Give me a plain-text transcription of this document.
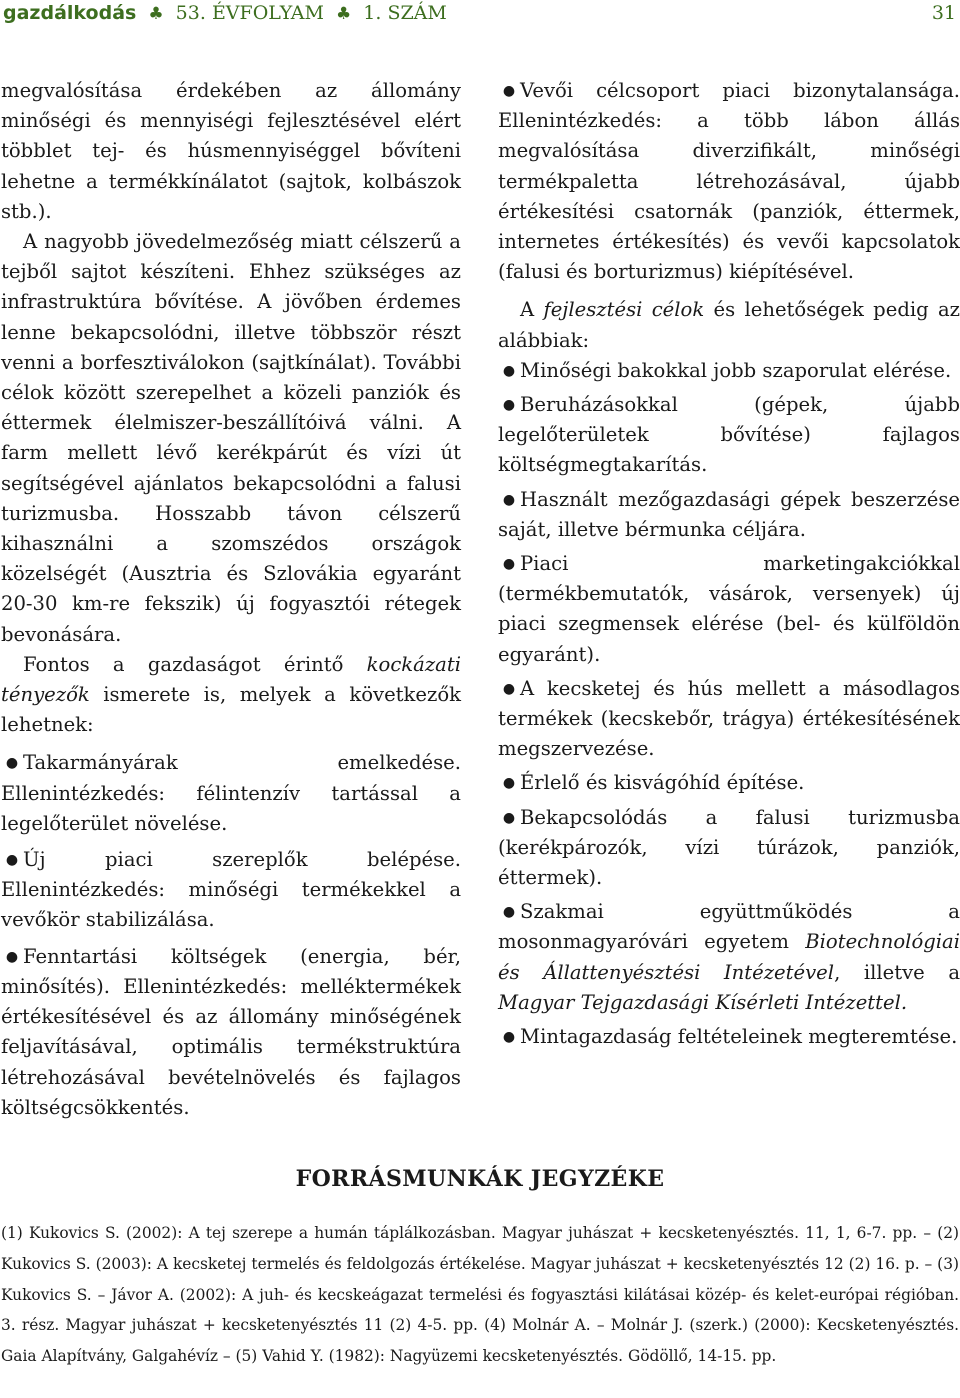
gazdálkodás ♣ 53. ÉVFOLYAM ♣ 1. SZÁM	31

megvalósítása érdekében az állomány minőségi és mennyiségi fejlesztésével elért többlet tej- és húsmennyiséggel bővíteni lehetne a termékkínálatot (sajtok, kolbászok stb.).

A nagyobb jövedelmezőség miatt célszerű a tejből sajtot készíteni. Ehhez szükséges az infrastruktúra bővítése. A jövőben érdemes lenne bekapcsolódni, illetve többször részt venni a borfesztiválokon (sajtkínálat). További célok között szerepelhet a közeli panziók és éttermek élelmiszer-beszállítóivá válni. A farm mellett lévő kerékpárút és vízi út segítségével ajánlatos bekapcsolódni a falusi turizmusba. Hosszabb távon célszerű kihasználni a szomszédos országok közelségét (Ausztria és Szlovákia egyaránt 20-30 km-re fekszik) új fogyasztói rétegek bevonására.

Fontos a gazdaságot érintő kockázati tényezők ismerete is, melyek a következők lehetnek:

● Takarmányárak emelkedése. Ellenintézkedés: félintenzív tartással a legelőterület növelése.
● Új piaci szereplők belépése. Ellenintézkedés: minőségi termékekkel a vevőkör stabilizálása.
● Fenntartási költségek (energia, bér, minősítés). Ellenintézkedés: melléktermékek értékesítésével és az állomány minőségének feljavításával, optimális termékstruktúra létrehozásával bevételnövelés és fajlagos költségcsökkentés.
● Vevői célcsoport piaci bizonytalansága. Ellenintézkedés: a több lábon állás megvalósítása diverzifikált, minőségi termékpaletta létrehozásával, újabb értékesítési csatornák (panziók, éttermek, internetes értékesítés) és vevői kapcsolatok (falusi és borturizmus) kiépítésével.

A fejlesztési célok és lehetőségek pedig az alábbiak:

● Minőségi bakokkal jobb szaporulat elérése.
● Beruházásokkal (gépek, újabb legelőterületek bővítése) fajlagos költségmegtakarítás.
● Használt mezőgazdasági gépek beszerzése saját, illetve bérmunka céljára.
● Piaci marketingakciókkal (termékbemutatók, vásárok, versenyek) új piaci szegmensek elérése (bel- és külföldön egyaránt).
● A kecsketej és hús mellett a másodlagos termékek (kecskebőr, trágya) értékesítésének megszervezése.
● Érlelő és kisvágóhíd építése.
● Bekapcsolódás a falusi turizmusba (kerékpározók, vízi túrázok, panziók, éttermek).
● Szakmai együttműködés a mosonmagyaróvári egyetem Biotechnológiai és Állattenyésztési Intézetével, illetve a Magyar Tejgazdasági Kísérleti Intézettel.
● Mintagazdaság feltételeinek megteremtése.
FORRÁSMUNKÁK JEGYZÉKE
(1) Kukovics S. (2002): A tej szerepe a humán táplálkozásban. Magyar juhászat + kecsketenyésztés. 11, 1, 6-7. pp. – (2) Kukovics S. (2003): A kecsketej termelés és feldolgozás értékelése. Magyar juhászat + kecsketenyésztés 12 (2) 16. p. – (3) Kukovics S. – Jávor A. (2002): A juh- és kecskeágazat termelési és fogyasztási kilátásai közép- és kelet-európai régióban. 3. rész. Magyar juhászat + kecsketenyésztés 11 (2) 4-5. pp. (4) Molnár A. – Molnár J. (szerk.) (2000): Kecsketenyésztés. Gaia Alapítvány, Galgahévíz – (5) Vahid Y. (1982): Nagyüzemi kecsketenyésztés. Gödöllő, 14-15. pp.
